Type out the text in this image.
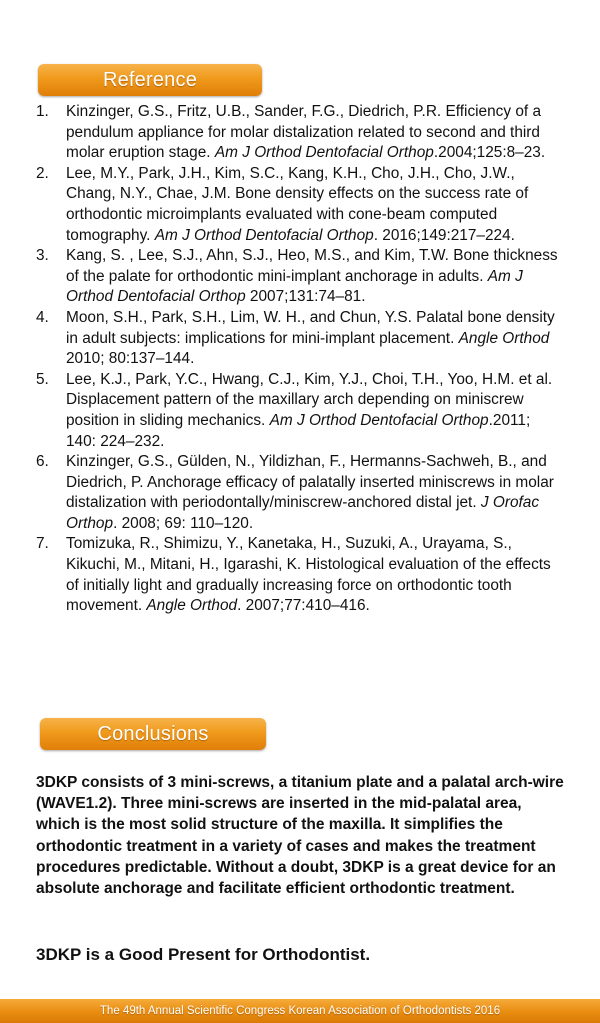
Reference
1. Kinzinger, G.S., Fritz, U.B., Sander, F.G., Diedrich, P.R. Efficiency of a pendulum appliance for molar distalization related to second and third molar eruption stage. Am J Orthod Dentofacial Orthop.2004;125:8–23.
2. Lee, M.Y., Park, J.H., Kim, S.C., Kang, K.H., Cho, J.H., Cho, J.W., Chang, N.Y., Chae, J.M. Bone density effects on the success rate of orthodontic microimplants evaluated with cone-beam computed tomography. Am J Orthod Dentofacial Orthop. 2016;149:217–224.
3. Kang, S. , Lee, S.J., Ahn, S.J., Heo, M.S., and Kim, T.W. Bone thickness of the palate for orthodontic mini-implant anchorage in adults. Am J Orthod Dentofacial Orthop 2007;131:74–81.
4. Moon, S.H., Park, S.H., Lim, W. H., and Chun, Y.S. Palatal bone density in adult subjects: implications for mini-implant placement. Angle Orthod 2010; 80:137–144.
5. Lee, K.J., Park, Y.C., Hwang, C.J., Kim, Y.J., Choi, T.H., Yoo, H.M. et al. Displacement pattern of the maxillary arch depending on miniscrew position in sliding mechanics. Am J Orthod Dentofacial Orthop.2011; 140: 224–232.
6. Kinzinger, G.S., Gülden, N., Yildizhan, F., Hermanns-Sachweh, B., and Diedrich, P. Anchorage efficacy of palatally inserted miniscrews in molar distalization with periodontally/miniscrew-anchored distal jet. J Orofac Orthop. 2008; 69: 110–120.
7. Tomizuka, R., Shimizu, Y., Kanetaka, H., Suzuki, A., Urayama, S., Kikuchi, M., Mitani, H., Igarashi, K. Histological evaluation of the effects of initially light and gradually increasing force on orthodontic tooth movement. Angle Orthod. 2007;77:410–416.
Conclusions

3DKP consists of 3 mini-screws, a titanium plate and a palatal arch-wire (WAVE1.2). Three mini-screws are inserted in the mid-palatal area, which is the most solid structure of the maxilla. It simplifies the orthodontic treatment in a variety of cases and makes the treatment procedures predictable. Without a doubt, 3DKP is a great device for an absolute anchorage and facilitate efficient orthodontic treatment.

3DKP is a Good Present for Orthodontist.

The 49th Annual Scientific Congress Korean Association of Orthodontists 2016
